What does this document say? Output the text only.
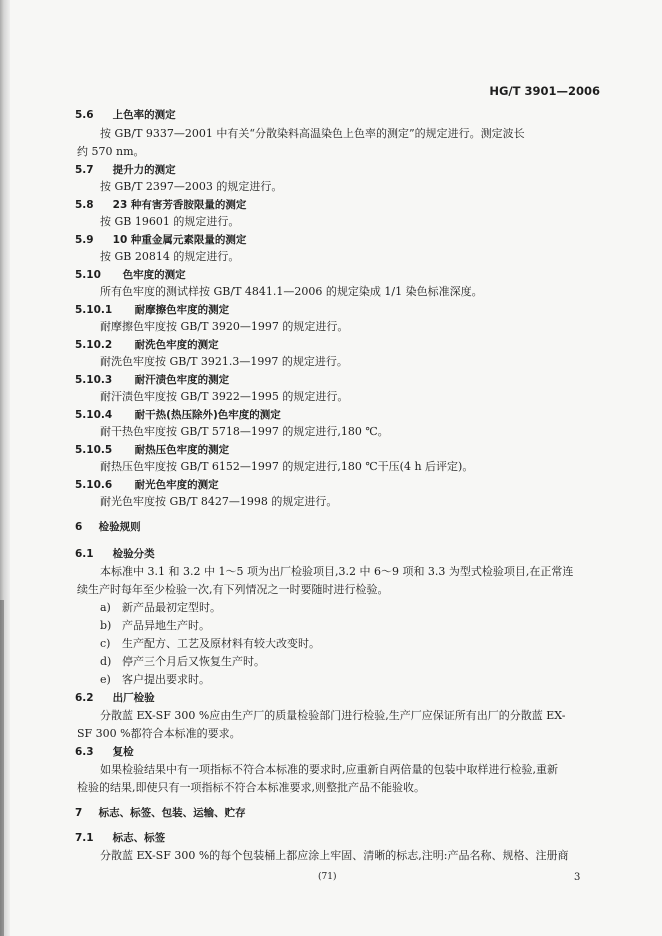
HG/T 3901—2006
5.6 上色率的测定
按 GB/T 9337—2001 中有关“分散染料高温染色上色率的测定”的规定进行。测定波长
约 570 nm。
5.7 提升力的测定
按 GB/T 2397—2003 的规定进行。
5.8 23 种有害芳香胺限量的测定
按 GB 19601 的规定进行。
5.9 10 种重金属元素限量的测定
按 GB 20814 的规定进行。
5.10 色牢度的测定
所有色牢度的测试样按 GB/T 4841.1—2006 的规定染成 1/1 染色标准深度。
5.10.1 耐摩擦色牢度的测定
耐摩擦色牢度按 GB/T 3920—1997 的规定进行。
5.10.2 耐洗色牢度的测定
耐洗色牢度按 GB/T 3921.3—1997 的规定进行。
5.10.3 耐汗渍色牢度的测定
耐汗渍色牢度按 GB/T 3922—1995 的规定进行。
5.10.4 耐干热(热压除外)色牢度的测定
耐干热色牢度按 GB/T 5718—1997 的规定进行,180 ℃。
5.10.5 耐热压色牢度的测定
耐热压色牢度按 GB/T 6152—1997 的规定进行,180 ℃干压(4 h 后评定)。
5.10.6 耐光色牢度的测定
耐光色牢度按 GB/T 8427—1998 的规定进行。
6 检验规则
6.1 检验分类
本标准中 3.1 和 3.2 中 1～5 项为出厂检验项目,3.2 中 6～9 项和 3.3 为型式检验项目,在正常连
续生产时每年至少检验一次,有下列情况之一时要随时进行检验。
a) 新产品最初定型时。
b) 产品异地生产时。
c) 生产配方、工艺及原材料有较大改变时。
d) 停产三个月后又恢复生产时。
e) 客户提出要求时。
6.2 出厂检验
分散蓝 EX-SF 300 %应由生产厂的质量检验部门进行检验,生产厂应保证所有出厂的分散蓝 EX-
SF 300 %都符合本标准的要求。
6.3 复检
如果检验结果中有一项指标不符合本标准的要求时,应重新自两倍量的包装中取样进行检验,重新
检验的结果,即使只有一项指标不符合本标准要求,则整批产品不能验收。
7 标志、标签、包装、运输、贮存
7.1 标志、标签
分散蓝 EX-SF 300 %的每个包装桶上都应涂上牢固、清晰的标志,注明:产品名称、规格、注册商
(71)	3
